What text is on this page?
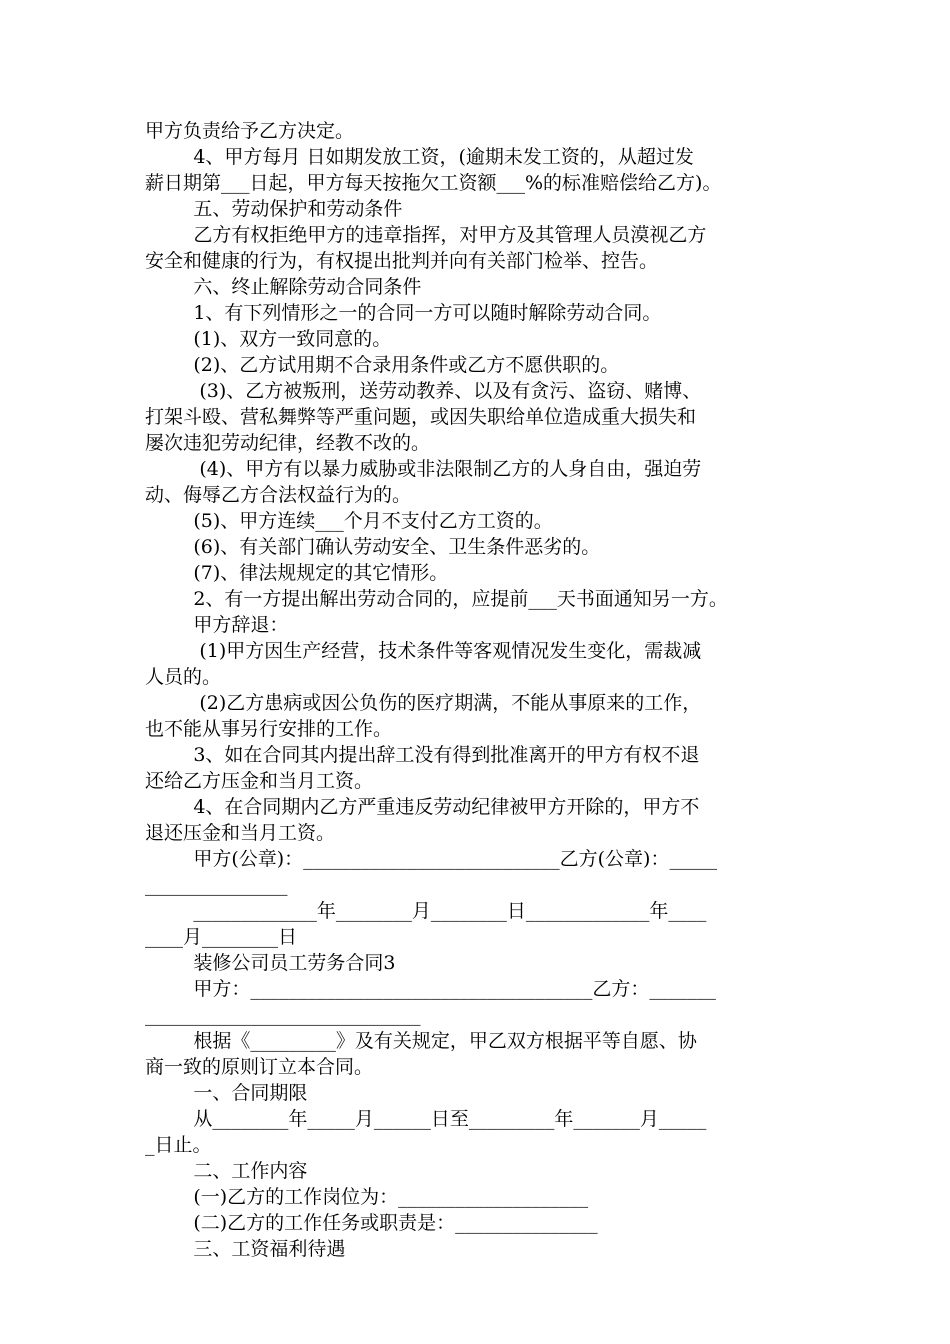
甲方负责给予乙方决定。
4、甲方每月 日如期发放工资，(逾期未发工资的，从超过发
薪日期第___日起，甲方每天按拖欠工资额___%的标准赔偿给乙方)。
五、劳动保护和劳动条件
乙方有权拒绝甲方的违章指挥，对甲方及其管理人员漠视乙方
安全和健康的行为，有权提出批判并向有关部门检举、控告。
六、终止解除劳动合同条件
1、有下列情形之一的合同一方可以随时解除劳动合同。
(1)、双方一致同意的。
(2)、乙方试用期不合录用条件或乙方不愿供职的。
(3)、乙方被叛刑，送劳动教养、以及有贪污、盗窃、赌博、
打架斗殴、营私舞弊等严重问题，或因失职给单位造成重大损失和
屡次违犯劳动纪律，经教不改的。
(4)、甲方有以暴力威胁或非法限制乙方的人身自由，强迫劳
动、侮辱乙方合法权益行为的。
(5)、甲方连续___个月不支付乙方工资的。
(6)、有关部门确认劳动安全、卫生条件恶劣的。
(7)、律法规规定的其它情形。
2、有一方提出解出劳动合同的，应提前___天书面通知另一方。
甲方辞退：
(1)甲方因生产经营，技术条件等客观情况发生变化，需裁减
人员的。
(2)乙方患病或因公负伤的医疗期满，不能从事原来的工作，
也不能从事另行安排的工作。
3、如在合同其内提出辞工没有得到批准离开的甲方有权不退
还给乙方压金和当月工资。
4、在合同期内乙方严重违反劳动纪律被甲方开除的，甲方不
退还压金和当月工资。
甲方(公章)：___________________________乙方(公章)：_____
_______________
_____________年________月________日_____________年____
____月________日
装修公司员工劳务合同3
甲方：____________________________________乙方：_______
_____________________________
根据《_________》及有关规定，甲乙双方根据平等自愿、协
商一致的原则订立本合同。
一、合同期限
从________年_____月______日至_________年_______月_____
_日止。
二、工作内容
(一)乙方的工作岗位为：____________________
(二)乙方的工作任务或职责是：_______________
三、工资福利待遇
